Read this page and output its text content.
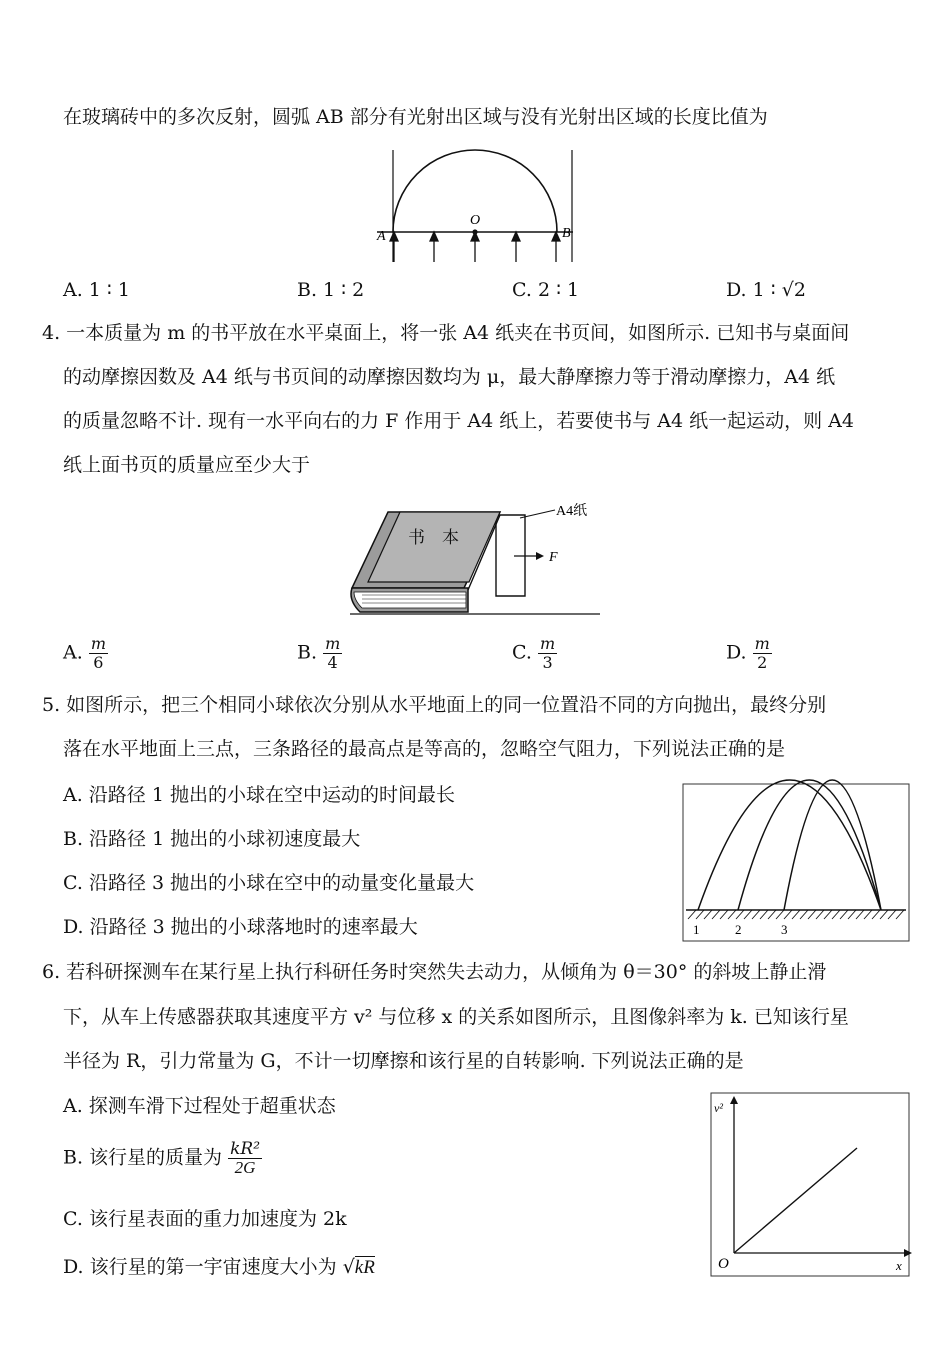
在玻璃砖中的多次反射，圆弧 AB 部分有光射出区域与没有光射出区域的长度比值为
A	B
O
A. 1 ∶ 1	B. 1 ∶ 2	C. 2 ∶ 1	D. 1 ∶ √2
4. 一本质量为 m 的书平放在水平桌面上，将一张 A4 纸夹在书页间，如图所示. 已知书与桌面间
的动摩擦因数及 A4 纸与书页间的动摩擦因数均为 μ，最大静摩擦力等于滑动摩擦力，A4 纸
的质量忽略不计. 现有一水平向右的力 F 作用于 A4 纸上，若要使书与 A4 纸一起运动，则 A4
纸上面书页的质量应至少大于
书　本
A4纸
F
A. $\frac{m}{6}$	B. $\frac{m}{4}$	C. $\frac{m}{3}$	D. $\frac{m}{2}$
5. 如图所示，把三个相同小球依次分别从水平地面上的同一位置沿不同的方向抛出，最终分别
落在水平地面上三点，三条路径的最高点是等高的，忽略空气阻力，下列说法正确的是
A. 沿路径 1 抛出的小球在空中运动的时间最长
B. 沿路径 1 抛出的小球初速度最大
C. 沿路径 3 抛出的小球在空中的动量变化量最大
D. 沿路径 3 抛出的小球落地时的速率最大	1	2	3
6. 若科研探测车在某行星上执行科研任务时突然失去动力，从倾角为 θ＝30° 的斜坡上静止滑
下，从车上传感器获取其速度平方 v² 与位移 x 的关系如图所示，且图像斜率为 k. 已知该行星
半径为 R，引力常量为 G，不计一切摩擦和该行星的自转影响. 下列说法正确的是
A. 探测车滑下过程处于超重状态
B. 该行星的质量为 $\frac{\text{kR²}}{2G}$
C. 该行星表面的重力加速度为 2k
D. 该行星的第一宇宙速度大小为 √kR
v²
x
O
